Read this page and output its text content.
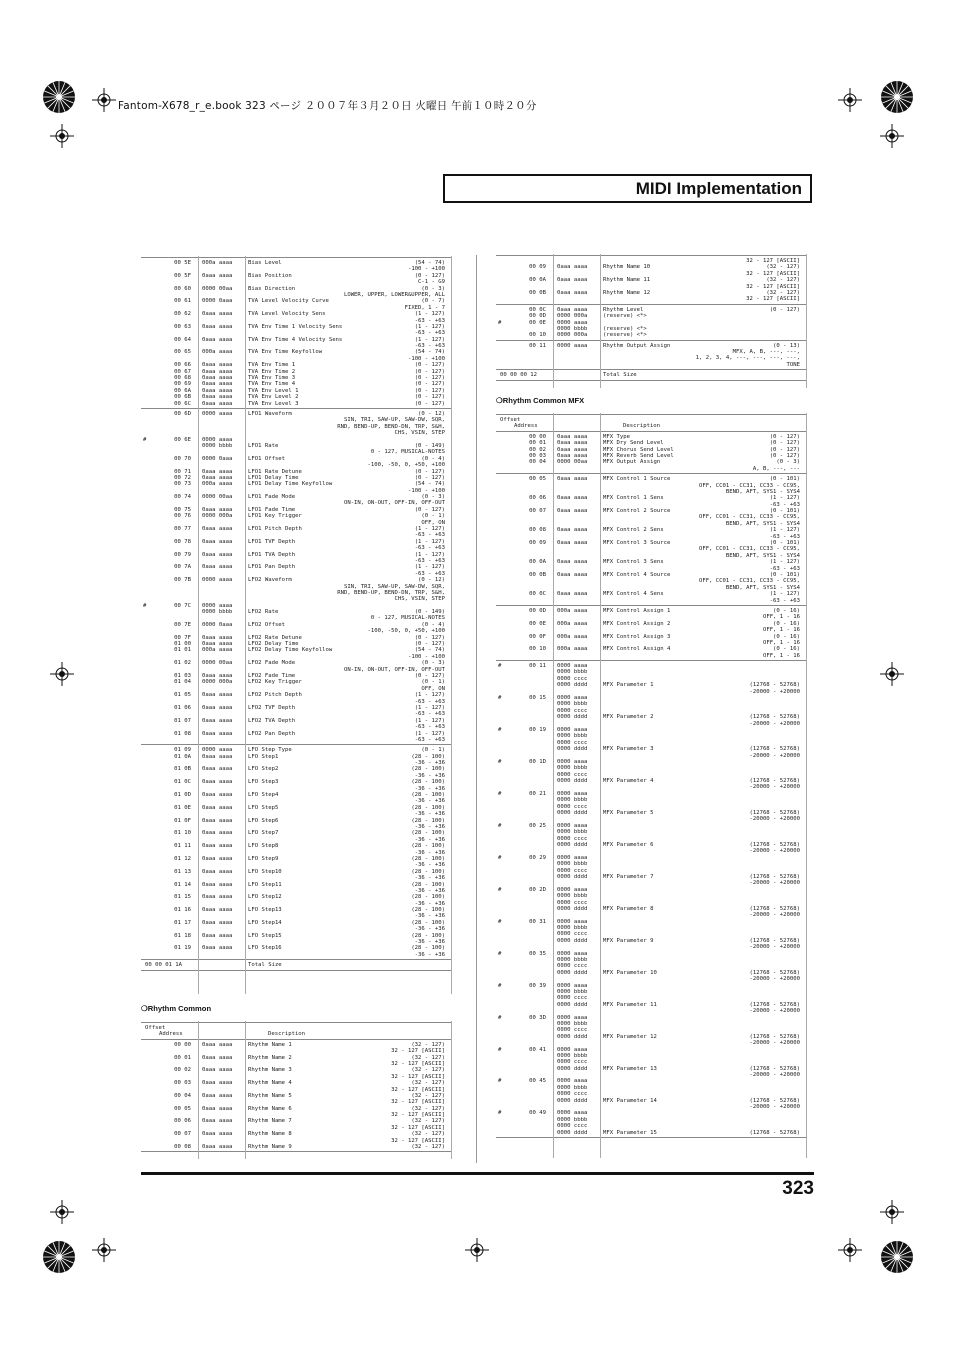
Fantom-X678_r_e.book 323 ページ ２００７年３月２０日 火曜日 午前１０時２０分
MIDI Implementation
00 5E 000a aaaa	Bias Level	(54 - 74)
-100 - +100
00 5F 0aaa aaaa	Bias Position	(0 - 127)
C-1 - G9
00 60 0000 00aa	Bias Direction	(0 - 3)
LOWER, UPPER, LOWER&UPPER, ALL
00 61 0000 0aaa	TVA Level Velocity Curve	(0 - 7)
FIXED, 1 - 7
00 62 0aaa aaaa	TVA Level Velocity Sens	(1 - 127)
-63 - +63
00 63 0aaa aaaa	TVA Env Time 1 Velocity Sens	(1 - 127)
-63 - +63
00 64 0aaa aaaa	TVA Env Time 4 Velocity Sens	(1 - 127)
-63 - +63
00 65 000a aaaa	TVA Env Time Keyfollow	(54 - 74)
-100 - +100
00 66 0aaa aaaa	TVA Env Time 1	(0 - 127)
00 67 0aaa aaaa	TVA Env Time 2	(0 - 127)
00 68 0aaa aaaa	TVA Env Time 3	(0 - 127)
00 69 0aaa aaaa	TVA Env Time 4	(0 - 127)
00 6A 0aaa aaaa	TVA Env Level 1	(0 - 127)
00 6B 0aaa aaaa	TVA Env Level 2	(0 - 127)
00 6C 0aaa aaaa	TVA Env Level 3	(0 - 127)
00 6D 0000 aaaa	LFO1 Waveform	(0 - 12)
SIN, TRI, SAW-UP, SAW-DW, SQR,
RND, BEND-UP, BEND-DN, TRP, S&H,
CHS, VSIN, STEP
#	00 6E 0000 aaaa
0000 bbbb	LFO1 Rate	(0 - 149)
0 - 127, MUSICAL-NOTES
00 70 0000 0aaa	LFO1 Offset	(0 - 4)
-100, -50, 0, +50, +100
00 71 0aaa aaaa	LFO1 Rate Detune	(0 - 127)
00 72 0aaa aaaa	LFO1 Delay Time	(0 - 127)
00 73 000a aaaa	LFO1 Delay Time Keyfollow	(54 - 74)
-100 - +100
00 74 0000 00aa	LFO1 Fade Mode	(0 - 3)
ON-IN, ON-OUT, OFF-IN, OFF-OUT
00 75 0aaa aaaa	LFO1 Fade Time	(0 - 127)
00 76 0000 000a	LFO1 Key Trigger	(0 - 1)
OFF, ON
00 77 0aaa aaaa	LFO1 Pitch Depth	(1 - 127)
-63 - +63
00 78 0aaa aaaa	LFO1 TVF Depth	(1 - 127)
-63 - +63
00 79 0aaa aaaa	LFO1 TVA Depth	(1 - 127)
-63 - +63
00 7A 0aaa aaaa	LFO1 Pan Depth	(1 - 127)
-63 - +63
00 7B 0000 aaaa	LFO2 Waveform	(0 - 12)
SIN, TRI, SAW-UP, SAW-DW, SQR,
RND, BEND-UP, BEND-DN, TRP, S&H,
CHS, VSIN, STEP
#	00 7C 0000 aaaa
0000 bbbb	LFO2 Rate	(0 - 149)
0 - 127, MUSICAL-NOTES
00 7E 0000 0aaa	LFO2 Offset	(0 - 4)
-100, -50, 0, +50, +100
00 7F 0aaa aaaa	LFO2 Rate Detune	(0 - 127)
01 00 0aaa aaaa	LFO2 Delay Time	(0 - 127)
01 01 000a aaaa	LFO2 Delay Time Keyfollow	(54 - 74)
-100 - +100
01 02 0000 00aa	LFO2 Fade Mode	(0 - 3)
ON-IN, ON-OUT, OFF-IN, OFF-OUT
01 03 0aaa aaaa	LFO2 Fade Time	(0 - 127)
01 04 0000 000a	LFO2 Key Trigger	(0 - 1)
OFF, ON
01 05 0aaa aaaa	LFO2 Pitch Depth	(1 - 127)
-63 - +63
01 06 0aaa aaaa	LFO2 TVF Depth	(1 - 127)
-63 - +63
01 07 0aaa aaaa	LFO2 TVA Depth	(1 - 127)
-63 - +63
01 08 0aaa aaaa	LFO2 Pan Depth	(1 - 127)
-63 - +63
01 09 0000 aaaa	LFO Step Type	(0 - 1)
01 0A 0aaa aaaa	LFO Step1	(28 - 100)
-36 - +36
01 0B 0aaa aaaa	LFO Step2	(28 - 100)
-36 - +36
01 0C 0aaa aaaa	LFO Step3	(28 - 100)
-36 - +36
01 0D 0aaa aaaa	LFO Step4	(28 - 100)
-36 - +36
01 0E 0aaa aaaa	LFO Step5	(28 - 100)
-36 - +36
01 0F 0aaa aaaa	LFO Step6	(28 - 100)
-36 - +36
01 10 0aaa aaaa	LFO Step7	(28 - 100)
-36 - +36
01 11 0aaa aaaa	LFO Step8	(28 - 100)
-36 - +36
01 12 0aaa aaaa	LFO Step9	(28 - 100)
-36 - +36
01 13 0aaa aaaa	LFO Step10	(28 - 100)
-36 - +36
01 14 0aaa aaaa	LFO Step11	(28 - 100)
-36 - +36
01 15 0aaa aaaa	LFO Step12	(28 - 100)
-36 - +36
01 16 0aaa aaaa	LFO Step13	(28 - 100)
-36 - +36
01 17 0aaa aaaa	LFO Step14	(28 - 100)
-36 - +36
01 18 0aaa aaaa	LFO Step15	(28 - 100)
-36 - +36
01 19 0aaa aaaa	LFO Step16	(28 - 100)
-36 - +36
00 00 01 1A	Total Size
❍Rhythm Common
Offset
Address	Description
00 00 0aaa aaaa	Rhythm Name 1	(32 - 127)
32 - 127 [ASCII]
00 01 0aaa aaaa	Rhythm Name 2	(32 - 127)
32 - 127 [ASCII]
00 02 0aaa aaaa	Rhythm Name 3	(32 - 127)
32 - 127 [ASCII]
00 03 0aaa aaaa	Rhythm Name 4	(32 - 127)
32 - 127 [ASCII]
00 04 0aaa aaaa	Rhythm Name 5	(32 - 127)
32 - 127 [ASCII]
00 05 0aaa aaaa	Rhythm Name 6	(32 - 127)
32 - 127 [ASCII]
00 06 0aaa aaaa	Rhythm Name 7	(32 - 127)
32 - 127 [ASCII]
00 07 0aaa aaaa	Rhythm Name 8	(32 - 127)
32 - 127 [ASCII]
00 08 0aaa aaaa	Rhythm Name 9	(32 - 127)
32 - 127 [ASCII]
00 09 0aaa aaaa	Rhythm Name 10	(32 - 127)
32 - 127 [ASCII]
00 0A 0aaa aaaa	Rhythm Name 11	(32 - 127)
32 - 127 [ASCII]
00 0B 0aaa aaaa	Rhythm Name 12	(32 - 127)
32 - 127 [ASCII]
00 0C 0aaa aaaa	Rhythm Level	(0 - 127)
00 0D 0000 000a	(reserve) <*>
#	00 0E 0000 aaaa
0000 bbbb	(reserve) <*>
00 10 0000 000a	(reserve) <*>
00 11 0000 aaaa	Rhythm Output Assign	(0 - 13)
MFX, A, B, ---, ---,
1, 2, 3, 4, ---, ---, ---, ---,
TONE
00 00 00 12	Total Size
❍Rhythm Common MFX
Offset
Address	Description
00 00 0aaa aaaa	MFX Type	(0 - 127)
00 01 0aaa aaaa	MFX Dry Send Level	(0 - 127)
00 02 0aaa aaaa	MFX Chorus Send Level	(0 - 127)
00 03 0aaa aaaa	MFX Reverb Send Level	(0 - 127)
00 04 0000 00aa	MFX Output Assign	(0 - 3)
A, B, ---, ---
00 05 0aaa aaaa	MFX Control 1 Source	(0 - 101)
OFF, CC01 - CC31, CC33 - CC95,
BEND, AFT, SYS1 - SYS4
00 06 0aaa aaaa	MFX Control 1 Sens	(1 - 127)
-63 - +63
00 07 0aaa aaaa	MFX Control 2 Source	(0 - 101)
OFF, CC01 - CC31, CC33 - CC95,
BEND, AFT, SYS1 - SYS4
00 08 0aaa aaaa	MFX Control 2 Sens	(1 - 127)
-63 - +63
00 09 0aaa aaaa	MFX Control 3 Source	(0 - 101)
OFF, CC01 - CC31, CC33 - CC95,
BEND, AFT, SYS1 - SYS4
00 0A 0aaa aaaa	MFX Control 3 Sens	(1 - 127)
-63 - +63
00 0B 0aaa aaaa	MFX Control 4 Source	(0 - 101)
OFF, CC01 - CC31, CC33 - CC95,
BEND, AFT, SYS1 - SYS4
00 0C 0aaa aaaa	MFX Control 4 Sens	(1 - 127)
-63 - +63
00 0D 000a aaaa	MFX Control Assign 1	(0 - 16)
OFF, 1 - 16
00 0E 000a aaaa	MFX Control Assign 2	(0 - 16)
OFF, 1 - 16
00 0F 000a aaaa	MFX Control Assign 3	(0 - 16)
OFF, 1 - 16
00 10 000a aaaa	MFX Control Assign 4	(0 - 16)
OFF, 1 - 16
#	00 11 0000 aaaa
0000 bbbb
0000 cccc
0000 dddd	MFX Parameter 1	(12768 - 52768)
-20000 - +20000
#	00 15 0000 aaaa
0000 bbbb
0000 cccc
0000 dddd	MFX Parameter 2	(12768 - 52768)
-20000 - +20000
#	00 19 0000 aaaa
0000 bbbb
0000 cccc
0000 dddd	MFX Parameter 3	(12768 - 52768)
-20000 - +20000
#	00 1D 0000 aaaa
0000 bbbb
0000 cccc
0000 dddd	MFX Parameter 4	(12768 - 52768)
-20000 - +20000
#	00 21 0000 aaaa
0000 bbbb
0000 cccc
0000 dddd	MFX Parameter 5	(12768 - 52768)
-20000 - +20000
#	00 25 0000 aaaa
0000 bbbb
0000 cccc
0000 dddd	MFX Parameter 6	(12768 - 52768)
-20000 - +20000
#	00 29 0000 aaaa
0000 bbbb
0000 cccc
0000 dddd	MFX Parameter 7	(12768 - 52768)
-20000 - +20000
#	00 2D 0000 aaaa
0000 bbbb
0000 cccc
0000 dddd	MFX Parameter 8	(12768 - 52768)
-20000 - +20000
#	00 31 0000 aaaa
0000 bbbb
0000 cccc
0000 dddd	MFX Parameter 9	(12768 - 52768)
-20000 - +20000
#	00 35 0000 aaaa
0000 bbbb
0000 cccc
0000 dddd	MFX Parameter 10	(12768 - 52768)
-20000 - +20000
#	00 39 0000 aaaa
0000 bbbb
0000 cccc
0000 dddd	MFX Parameter 11	(12768 - 52768)
-20000 - +20000
#	00 3D 0000 aaaa
0000 bbbb
0000 cccc
0000 dddd	MFX Parameter 12	(12768 - 52768)
-20000 - +20000
#	00 41 0000 aaaa
0000 bbbb
0000 cccc
0000 dddd	MFX Parameter 13	(12768 - 52768)
-20000 - +20000
#	00 45 0000 aaaa
0000 bbbb
0000 cccc
0000 dddd	MFX Parameter 14	(12768 - 52768)
-20000 - +20000
#	00 49 0000 aaaa
0000 bbbb
0000 cccc
0000 dddd	MFX Parameter 15	(12768 - 52768)
323
